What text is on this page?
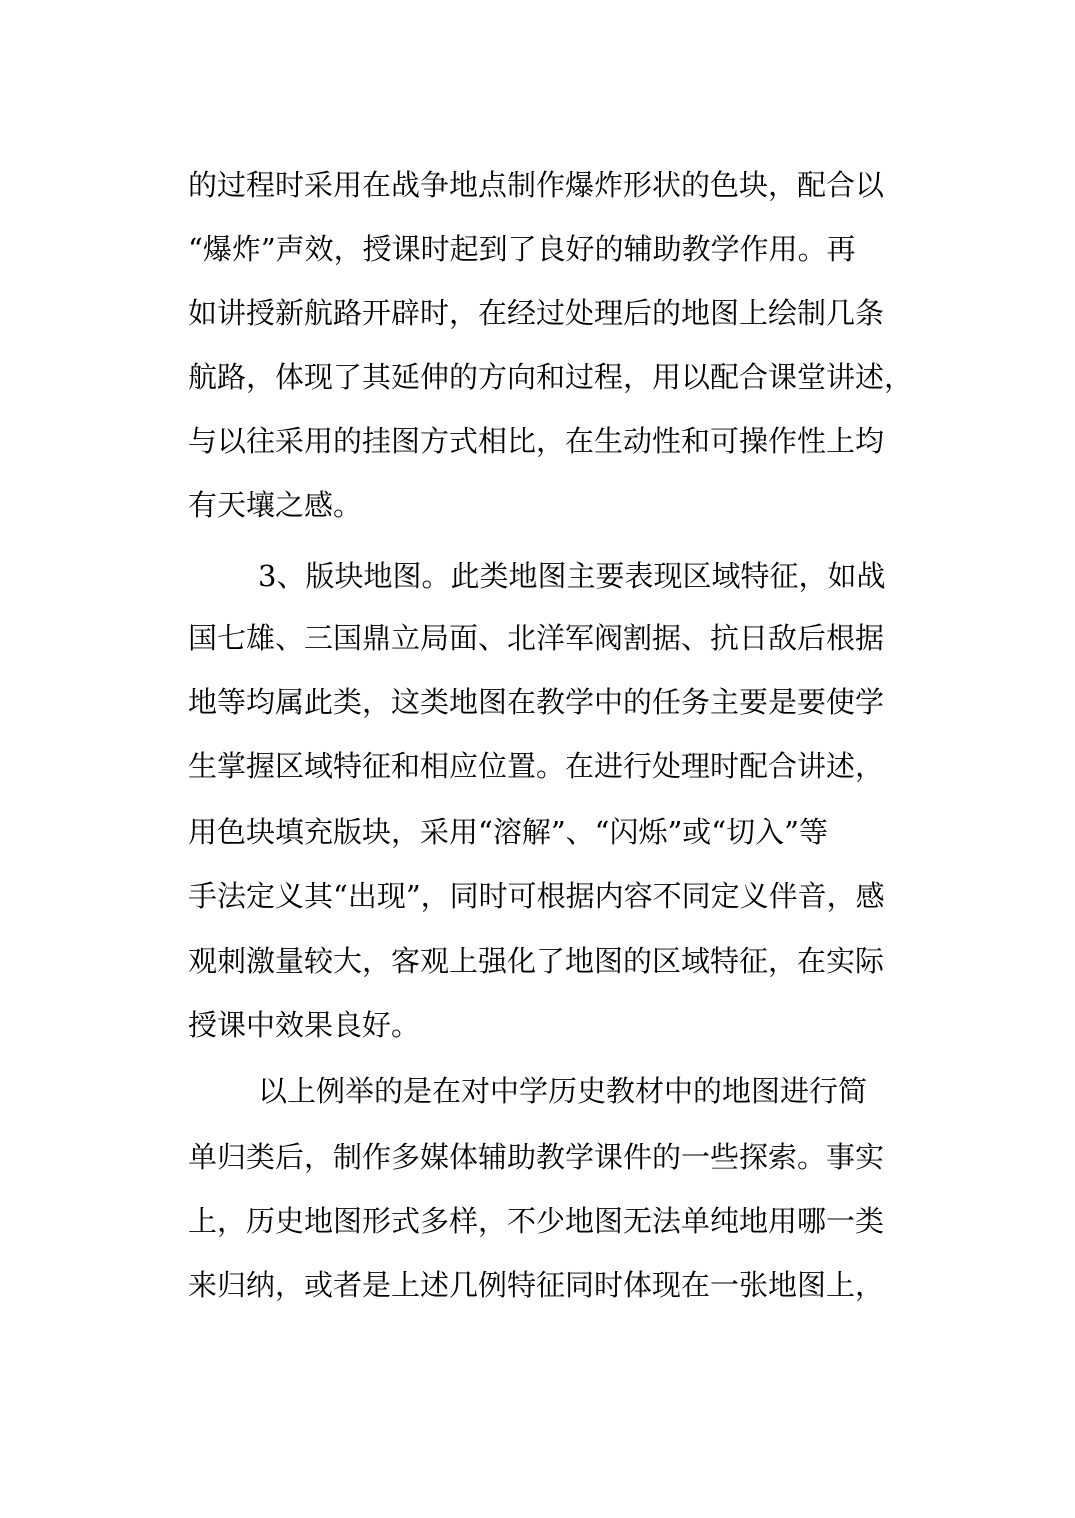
的过程时采用在战争地点制作爆炸形状的色块，配合以
“爆炸”声效，授课时起到了良好的辅助教学作用。再
如讲授新航路开辟时，在经过处理后的地图上绘制几条
航路，体现了其延伸的方向和过程，用以配合课堂讲述，
与以往采用的挂图方式相比，在生动性和可操作性上均
有天壤之感。
3、版块地图。此类地图主要表现区域特征，如战
国七雄、三国鼎立局面、北洋军阀割据、抗日敌后根据
地等均属此类，这类地图在教学中的任务主要是要使学
生掌握区域特征和相应位置。在进行处理时配合讲述，
用色块填充版块，采用“溶解”、“闪烁”或“切入”等
手法定义其“出现”，同时可根据内容不同定义伴音，感
观刺激量较大，客观上强化了地图的区域特征，在实际
授课中效果良好。
以上例举的是在对中学历史教材中的地图进行简
单归类后，制作多媒体辅助教学课件的一些探索。事实
上，历史地图形式多样，不少地图无法单纯地用哪一类
来归纳，或者是上述几例特征同时体现在一张地图上，
